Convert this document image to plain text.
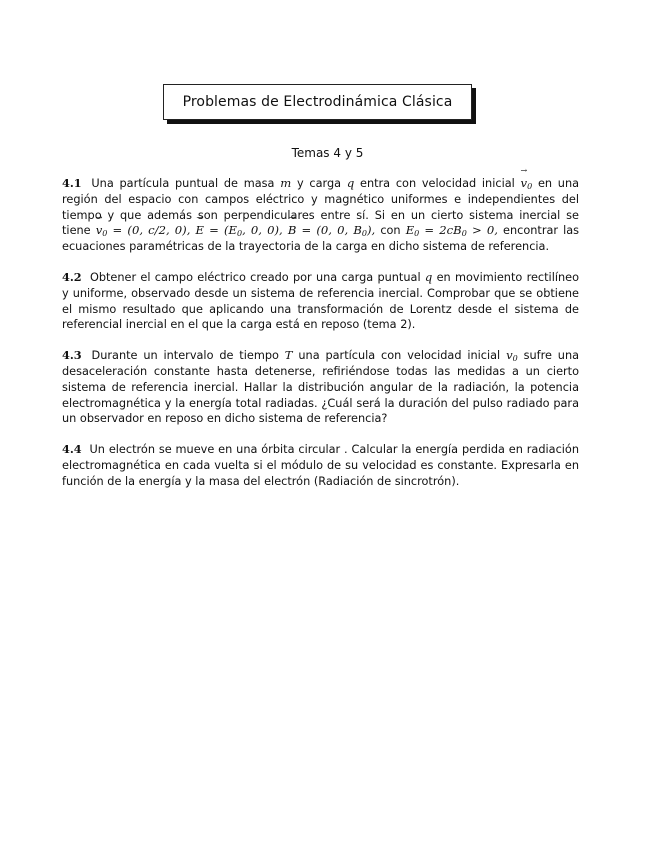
Problemas de Electrodinámica Clásica
Temas 4 y 5

4.1 Una partícula puntual de masa m y carga q entra con velocidad inicial → $v_0$ en una región del espacio con campos eléctrico y magnético uniformes e independientes del tiempo y que además son perpendiculares entre sí. Si en un cierto sistema inercial se tiene → $v_0 = (0$, c/2, 0), → $E = (E_0$, 0, 0), → B = (0, 0, $B_0$), con $E_0 = 2cB_0 > 0$, encontrar las ecuaciones paramétricas de la trayectoria de la carga en dicho sistema de referencia.

4.2 Obtener el campo eléctrico creado por una carga puntual q en movimiento rectilíneo y uniforme, observado desde un sistema de referencia inercial. Comprobar que se obtiene el mismo resultado que aplicando una transformación de Lorentz desde el sistema de referencial inercial en el que la carga está en reposo (tema 2).

4.3 Durante un intervalo de tiempo T una partícula con velocidad inicial $v_0$ sufre una desaceleración constante hasta detenerse, refiriéndose todas las medidas a un cierto sistema de referencia inercial. Hallar la distribución angular de la radiación, la potencia electromagnética y la energía total radiadas. ¿Cuál será la duración del pulso radiado para un observador en reposo en dicho sistema de referencia?

4.4 Un electrón se mueve en una órbita circular . Calcular la energía perdida en radiación electromagnética en cada vuelta si el módulo de su velocidad es constante. Expresarla en función de la energía y la masa del electrón (Radiación de sincrotrón).
